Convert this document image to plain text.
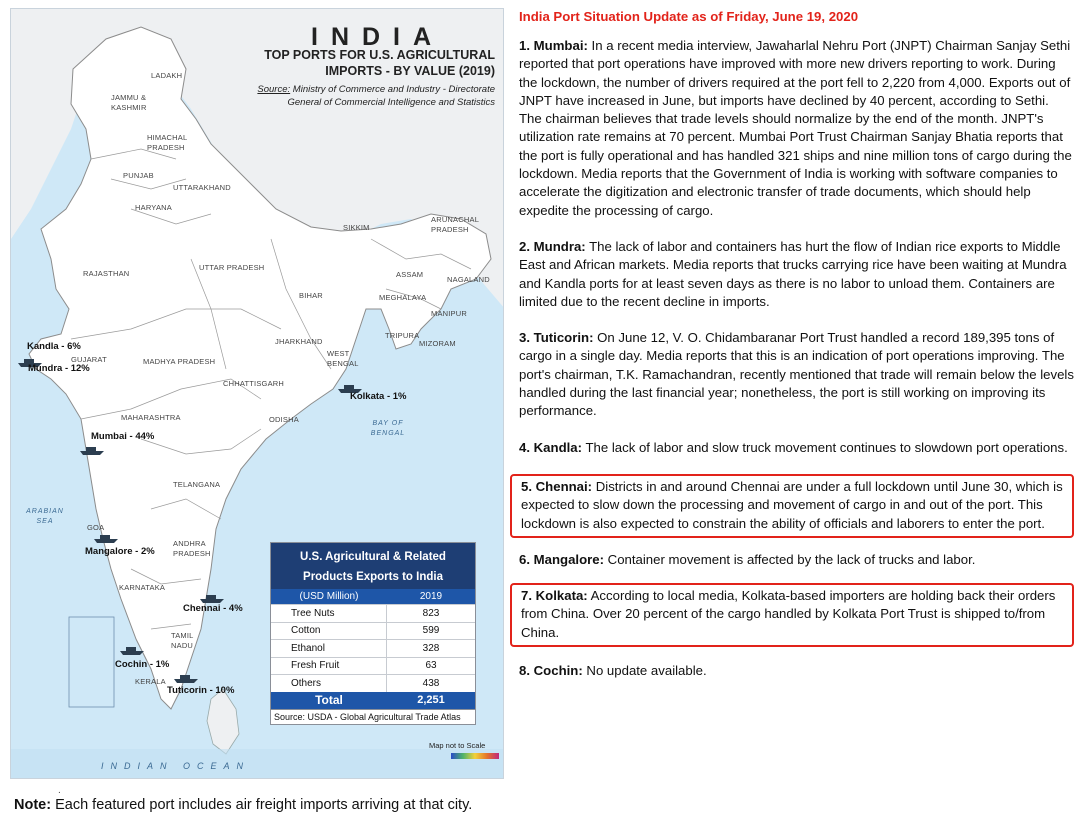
INDIA
TOP PORTS FOR U.S. AGRICULTURAL IMPORTS - BY VALUE (2019)
Source: Ministry of Commerce and Industry - Directorate General of Commercial Intelligence and Statistics
LADAKH
JAMMU & KASHMIR
HIMACHAL PRADESH
PUNJAB
UTTARAKHAND
HARYANA
RAJASTHAN
UTTAR PRADESH
SIKKIM
ARUNACHAL PRADESH
ASSAM
NAGALAND
BIHAR	MEGHALAYA
MANIPUR
TRIPURA
MIZORAM
JHARKHAND
WEST BENGAL
GUJARAT	MADHYA PRADESH
CHHATTISGARH
ODISHA
MAHARASHTRA
TELANGANA
GOA
ANDHRA PRADESH
KARNATAKA
TAMIL NADU
KERALA
ARABIAN SEA
BAY OF BENGAL
INDIAN OCEAN
Kandla - 6%
Mundra - 12%
Kolkata - 1%
Mumbai - 44%
Mangalore - 2%
Chennai - 4%
Cochin - 1%
Tuticorin - 10%
U.S. Agricultural & Related
Products Exports to India
(USD Million)	2019
Tree Nuts	823
Cotton	599
Ethanol	328
Fresh Fruit	63
Others	438
Total	2,251
Source: USDA - Global Agricultural Trade Atlas
Map not to Scale
.
Note: Each featured port includes air freight imports arriving at that city.
India Port Situation Update as of Friday, June 19, 2020
1. Mumbai: In a recent media interview, Jawaharlal Nehru Port (JNPT) Chairman Sanjay Sethi reported that port operations have improved with more new drivers reporting to work. During the lockdown, the number of drivers required at the port fell to 2,220 from 4,000. Exports out of JNPT have increased in June, but imports have declined by 40 percent, according to Sethi. The chairman believes that trade levels should normalize by the end of the month. JNPT's utilization rate remains at 70 percent. Mumbai Port Trust Chairman Sanjay Bhatia reports that the port is fully operational and has handled 321 ships and nine million tons of cargo during the lockdown. Media reports that the Government of India is working with software companies to accelerate the digitization and electronic transfer of trade documents, which should help expedite the processing of cargo.
2. Mundra: The lack of labor and containers has hurt the flow of Indian rice exports to Middle East and African markets. Media reports that trucks carrying rice have been waiting at Mundra and Kandla ports for at least seven days as there is no labor to unload them. Containers are limited due to the recent decline in imports.
3. Tuticorin: On June 12, V. O. Chidambaranar Port Trust handled a record 189,395 tons of cargo in a single day. Media reports that this is an indication of port operations improving. The port's chairman, T.K. Ramachandran, recently mentioned that trade will remain below the levels handled during the last financial year; nonetheless, the port is still working on improving its performance.
4. Kandla: The lack of labor and slow truck movement continues to slowdown port operations.
5. Chennai: Districts in and around Chennai are under a full lockdown until June 30, which is expected to slow down the processing and movement of cargo in and out of the port. This lockdown is also expected to constrain the ability of officials and laborers to enter the port.
6. Mangalore: Container movement is affected by the lack of trucks and labor.
7. Kolkata: According to local media, Kolkata-based importers are holding back their orders from China. Over 20 percent of the cargo handled by Kolkata Port Trust is shipped to/from China.
8. Cochin: No update available.
